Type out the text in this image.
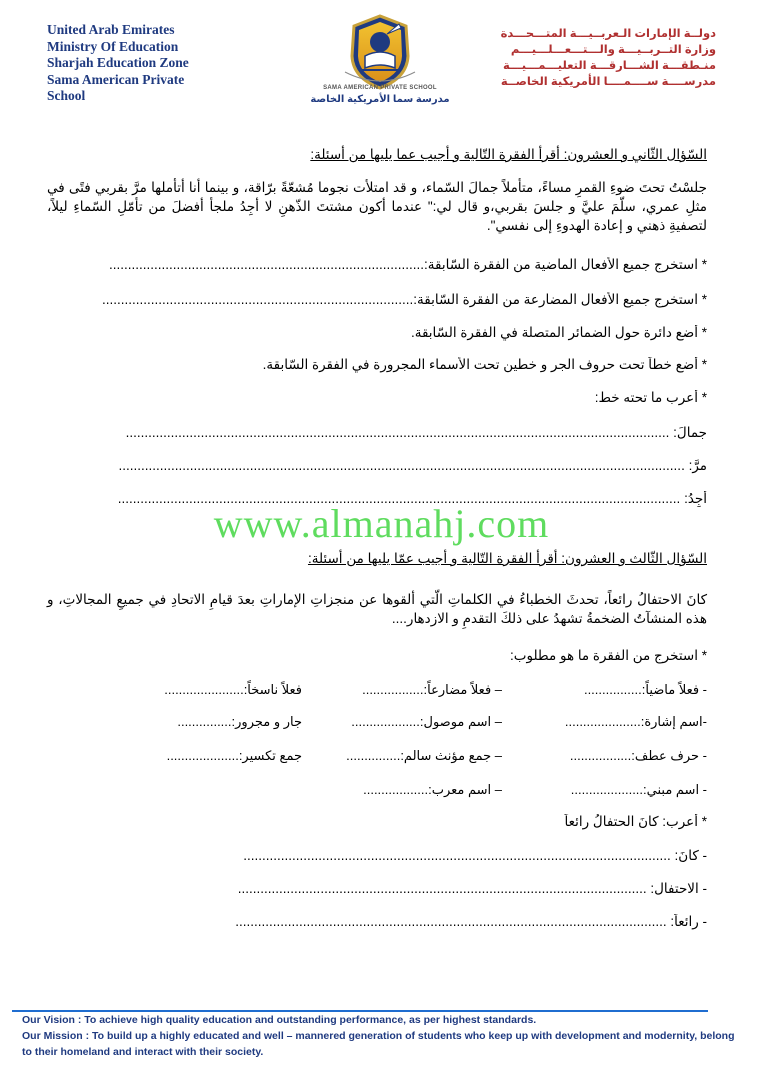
United Arab Emirates
Ministry Of Education
Sharjah Education Zone
Sama American Private
School	SAMA AMERICAN PRIVATE SCHOOL
مدرسة سما الأمريكية الخاصة
دولــة الإمارات الـعربــيـــة المتـــحـــدة
وزارة التــربــيـــة والـــتـــعـــلـــيـــم
منـطقـــة الشـــارقـــة التعليـــمـــيـــة
مدرســــة ســــمــــا الأمريكية الخاصــة
السّؤال الثّاني و العشرون: أقرأ الفقرة التّالية و أجيب عما يليها من أسئلة:
جلسْتُ تحتَ ضوءِ القمرِ مساءً، متأملاً جمالَ السّماء، و قد امتلأت نجوما مُشعّةً برّاقة، و بينما أنا أتأملها مرَّ بقربي فتًى في مثلِ عمري، سلّمَ عليَّ و جلسَ بقربي،و قال لي:" عندما أكون مشتتَ الذّهنِ لا أجِدُ ملجأ أفضلَ من تأمّلِ السّماءِ ليلاً، لتصفيةِ ذهني و إعادة الهدوءِ إلى نفسي".
* استخرج جميع الأفعال الماضية من الفقرة السّابقة:....................................................................................
* استخرج جميع الأفعال المضارعة من الفقرة السّابقة:...................................................................................
* أضع دائرة حول الضمائر المتصلة في الفقرة السّابقة.
* أضع خطاً تحت حروف الجر و خطين تحت الأسماء المجرورة في الفقرة السّابقة.
* أعرب ما تحته خط:
جمالَ: .................................................................................................................................................
مرَّ: .......................................................................................................................................................
أجِدُ: ......................................................................................................................................................
www.almanahj.com
السّؤال الثّالث و العشرون: أقرأ الفقرة التّالية و أجيب عمّا يليها من أسئلة:
كانَ الاحتفالُ رائعاً، تحدثَ الخطباءُ في الكلماتِ الّتي ألقوها عن منجزاتِ الإماراتِ بعدَ قيامِ الاتحادِ في جميعِ المجالاتِ، و هذه المنشآتُ الضخمةُ تشهدُ على ذلكَ التقدمِ و الازدهار....
* استخرج من الفقرة ما هو مطلوب:
- فعلاً ماضياً:................
– فعلاً مضارعاً:.................
فعلاً ناسخاً:......................
-اسم إشارة:.....................
– اسم موصول:...................
جار و مجرور:...............
- حرف عطف:.................
– جمع مؤنث سالم:...............
جمع تكسير:....................
- اسم مبني:....................
– اسم معرب:..................
* أعرب: كانَ الحتفالُ رائعاً
- كانَ: ..................................................................................................................
- الاحتفال: .............................................................................................................
- رائعاً: ...................................................................................................................
Our Vision : To achieve high quality education and outstanding performance, as per highest standards.
Our Mission : To build up a highly educated and well – mannered generation of students who keep up with development and modernity, belong to their homeland and interact with their society.
